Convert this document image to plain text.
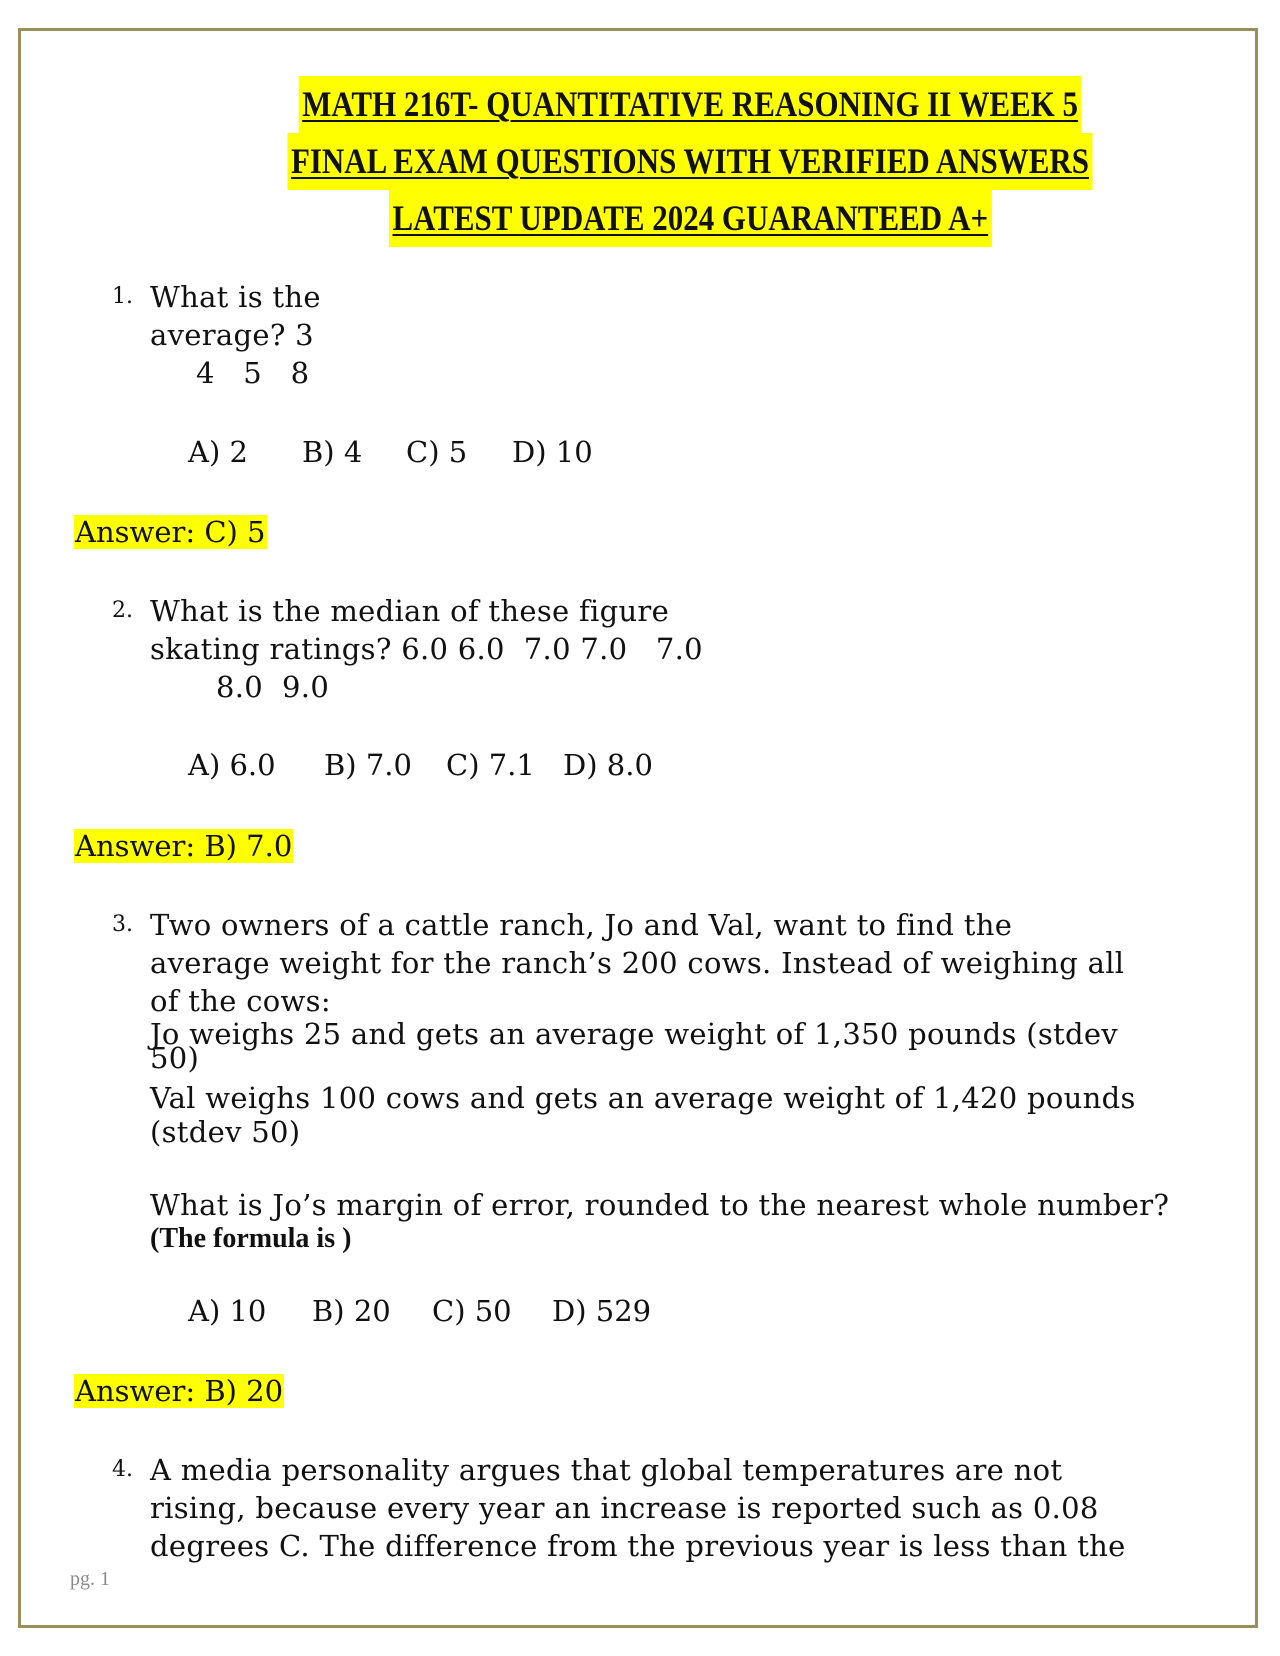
MATH 216T- QUANTITATIVE REASONING II WEEK 5
FINAL EXAM QUESTIONS WITH VERIFIED ANSWERS
LATEST UPDATE 2024 GUARANTEED A+
1. What is the
average? 3
4   5   8
A) 2 B) 4 C) 5 D) 10
Answer: C) 5
2. What is the median of these figure
skating ratings? 6.0 6.0  7.0 7.0   7.0
8.0  9.0
A) 6.0 B) 7.0 C) 7.1 D) 8.0
Answer: B) 7.0
3. Two owners of a cattle ranch, Jo and Val, want to find the
average weight for the ranch’s 200 cows. Instead of weighing all
of the cows:
Jo weighs 25 and gets an average weight of 1,350 pounds (stdev
50)
Val weighs 100 cows and gets an average weight of 1,420 pounds
(stdev 50)
What is Jo’s margin of error, rounded to the nearest whole number?
(The formula is )
A) 10 B) 20 C) 50 D) 529
Answer: B) 20
4. A media personality argues that global temperatures are not
rising, because every year an increase is reported such as 0.08
degrees C. The difference from the previous year is less than the
pg. 1
